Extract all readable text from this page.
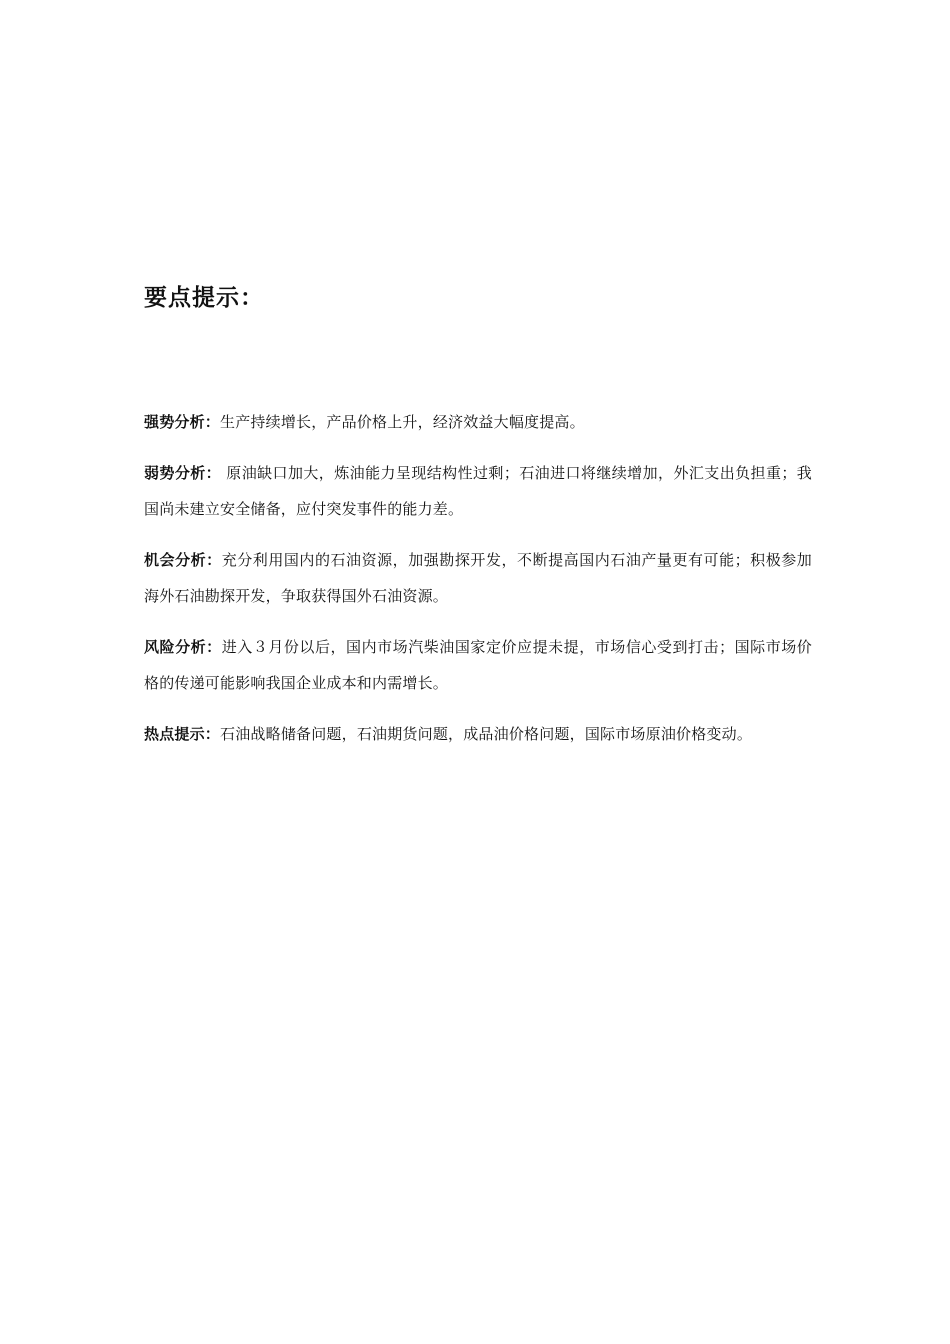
要点提示：

强势分析：生产持续增长，产品价格上升，经济效益大幅度提高。

弱势分析： 原油缺口加大，炼油能力呈现结构性过剩；石油进口将继续增加，外汇支出负担重；我国尚未建立安全储备，应付突发事件的能力差。

机会分析：充分利用国内的石油资源，加强勘探开发，不断提高国内石油产量更有可能；积极参加海外石油勘探开发，争取获得国外石油资源。

风险分析：进入３月份以后，国内市场汽柴油国家定价应提未提，市场信心受到打击；国际市场价格的传递可能影响我国企业成本和内需增长。

热点提示：石油战略储备问题，石油期货问题，成品油价格问题，国际市场原油价格变动。
